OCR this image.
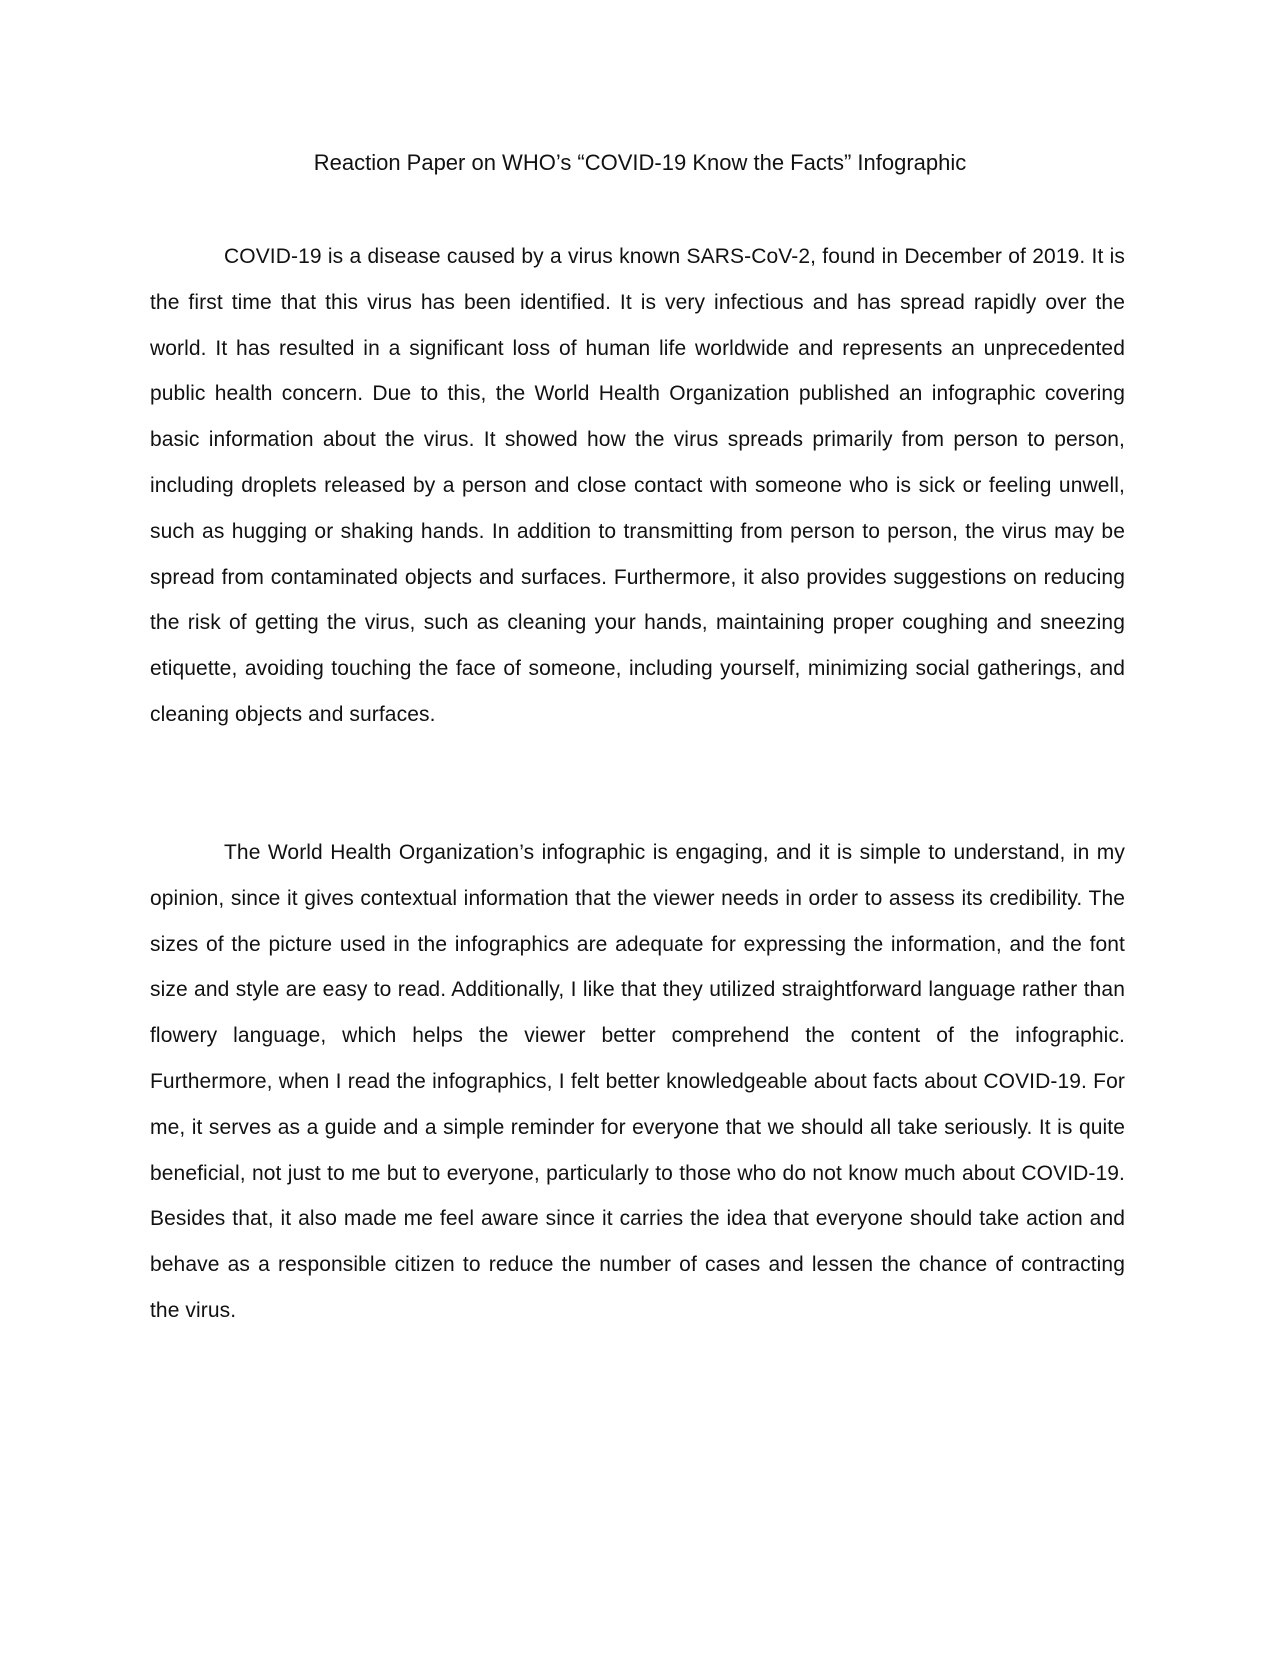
Reaction Paper on WHO’s “COVID-19 Know the Facts” Infographic

COVID-19 is a disease caused by a virus known SARS-CoV-2, found in December of 2019. It is the first time that this virus has been identified. It is very infectious and has spread rapidly over the world. It has resulted in a significant loss of human life worldwide and represents an unprecedented public health concern. Due to this, the World Health Organization published an infographic covering basic information about the virus. It showed how the virus spreads primarily from person to person, including droplets released by a person and close contact with someone who is sick or feeling unwell, such as hugging or shaking hands. In addition to transmitting from person to person, the virus may be spread from contaminated objects and surfaces. Furthermore, it also provides suggestions on reducing the risk of getting the virus, such as cleaning your hands, maintaining proper coughing and sneezing etiquette, avoiding touching the face of someone, including yourself, minimizing social gatherings, and cleaning objects and surfaces.

The World Health Organization’s infographic is engaging, and it is simple to understand, in my opinion, since it gives contextual information that the viewer needs in order to assess its credibility. The sizes of the picture used in the infographics are adequate for expressing the information, and the font size and style are easy to read. Additionally, I like that they utilized straightforward language rather than flowery language, which helps the viewer better comprehend the content of the infographic. Furthermore, when I read the infographics, I felt better knowledgeable about facts about COVID-19. For me, it serves as a guide and a simple reminder for everyone that we should all take seriously. It is quite beneficial, not just to me but to everyone, particularly to those who do not know much about COVID-19. Besides that, it also made me feel aware since it carries the idea that everyone should take action and behave as a responsible citizen to reduce the number of cases and lessen the chance of contracting the virus.
